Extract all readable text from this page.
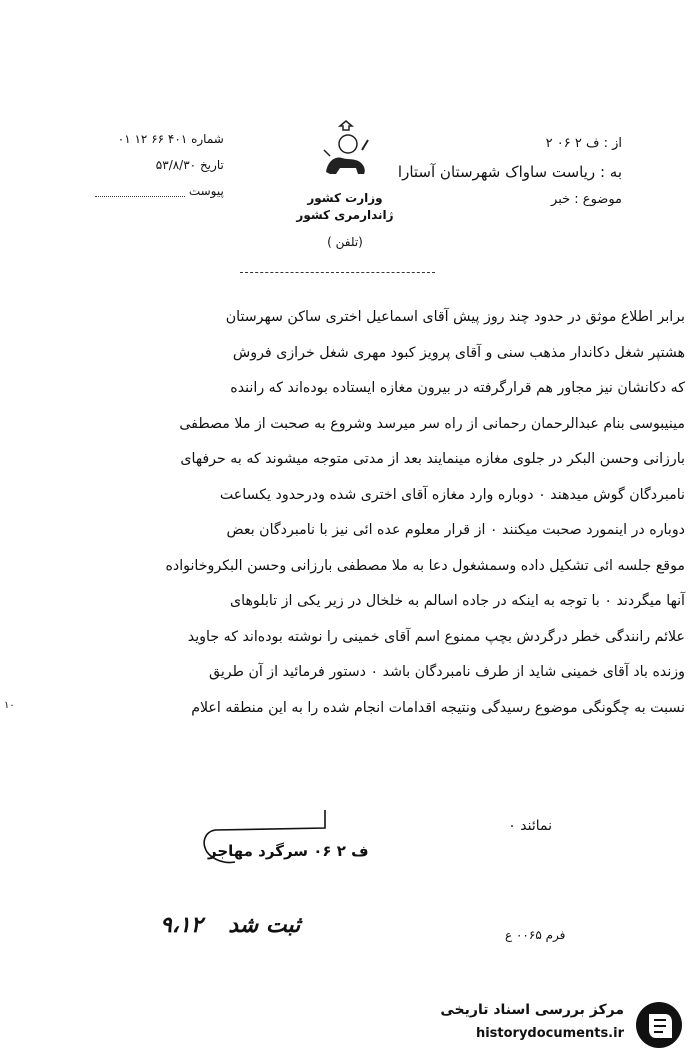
از : ف ۲ ۰۶ ۲
به : ریاست ساواک شهرستان آستارا
موضوع : خبر
وزارت کشور
ژاندارمری کشور
(تلفن )
شماره ۴۰۱ ۶۶ ۱۲ ۰۱
تاریخ ۵۳/۸/۳۰
پیوست
برابر اطلاع موثق در حدود چند روز پیش آقای اسماعیل اختری ساکن سهرستان
هشتپر شغل دکاندار مذهب سنی و آقای پرویز کبود مهری شغل خرازی فروش
که دکانشان نیز مجاور هم قرارگرفته در بیرون مغازه ایستاده بوده‌اند که راننده
مینیبوسی بنام عبدالرحمان رحمانی از راه سر میرسد وشروع به صحبت از ملا مصطفی
بارزانی وحسن البکر در جلوی مغازه مینمایند بعد از مدتی متوجه میشوند که به حرفهای
نامبردگان گوش میدهند ۰ دوباره وارد مغازه آقای اختری شده ودرحدود یکساعت
دوباره در اینمورد صحبت میکنند ۰ از قرار معلوم عده ائی نیز با نامبردگان بعض
موقع جلسه ائی تشکیل داده وسمشغول دعا به ملا مصطفی بارزانی وحسن البکروخانواده
آنها میگردند ۰ با توجه به اینکه در جاده اسالم به خلخال در زیر یکی از تابلوهای
علائم رانندگی خطر درگردش بچپ ممنوع اسم آقای خمینی را نوشته بوده‌اند که جاوید
وزنده باد آقای خمینی شاید از طرف نامبردگان باشد ۰ دستور فرمائید از آن طریق
نسبت به چگونگی موضوع رسیدگی ونتیجه اقدامات انجام شده را به این منطقه اعلام
نمائند ۰
ف ۲ ۰۶ سرگرد مهاجر
۱۰
ثبت شد ۹،۱۲	فرم ۰۰۶۵ ع
مرکز بررسی اسناد تاریخی
historydocuments.ir
